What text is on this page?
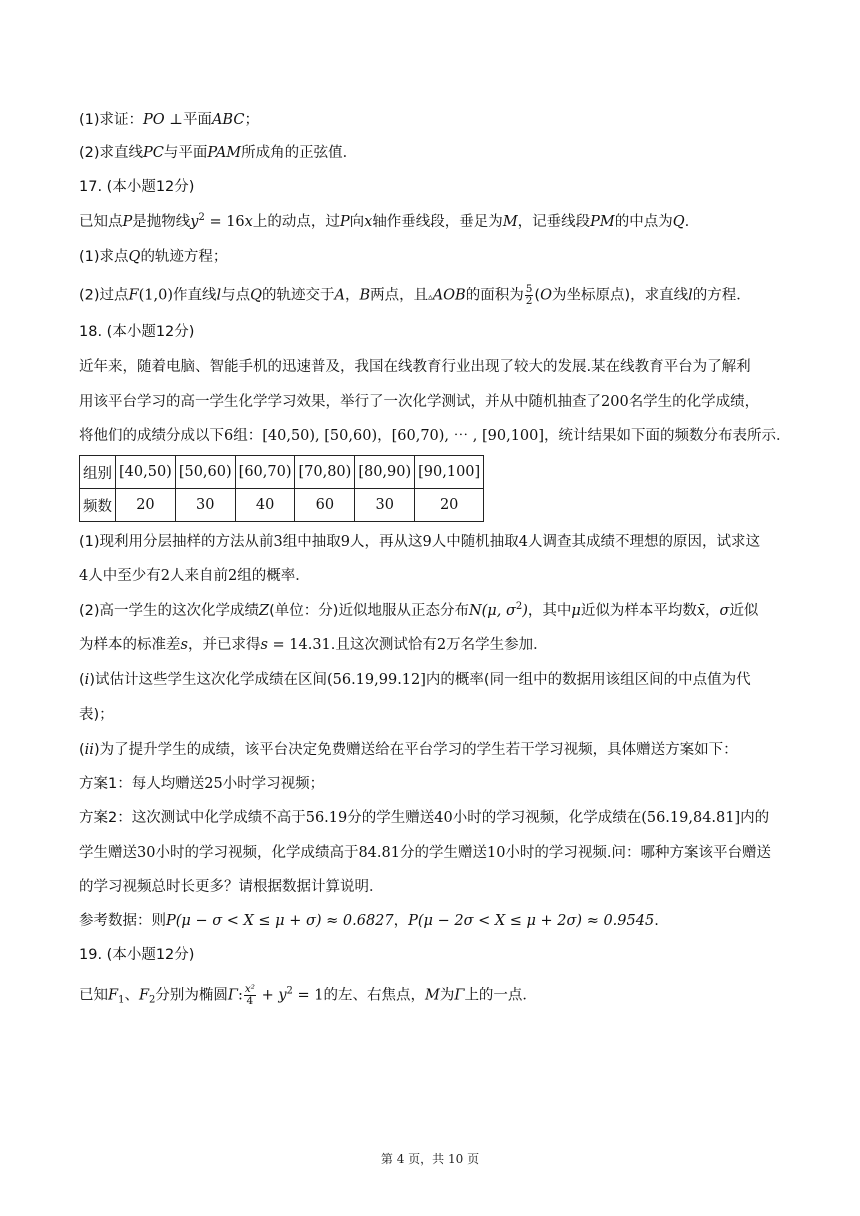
(1)求证：PO ⊥平面ABC；
(2)求直线PC与平面PAM所成角的正弦值．
17. (本小题12分)
已知点P是抛物线$y^2 = 16x$上的动点，过P向x轴作垂线段，垂足为M，记垂线段PM的中点为Q.
(1)求点Q的轨迹方程；
(2)过点F(1,0)作直线l与点Q的轨迹交于A，B两点，且▵AOB的面积为 $\frac{5}{2} (O$为坐标原点)，求直线l的方程．
18. (本小题12分)
近年来，随着电脑、智能手机的迅速普及，我国在线教育行业出现了较大的发展.某在线教育平台为了解利
用该平台学习的高一学生化学学习效果，举行了一次化学测试，并从中随机抽查了200名学生的化学成绩，
将他们的成绩分成以下6组：[40,50), [50,60)，[60,70), ⋯ , [90,100]，统计结果如下面的频数分布表所示．
组别	[40,50)	[50,60)	[60,70)	[70,80)	[80,90)	[90,100]
频数	20	30	40	60	30	20
(1)现利用分层抽样的方法从前3组中抽取9人，再从这9人中随机抽取4人调查其成绩不理想的原因，试求这
4人中至少有2人来自前2组的概率．
(2)高一学生的这次化学成绩Z(单位：分)近似地服从正态分布N(μ, $\sigma^2$)，其中μ近似为样本平均数x̄，σ近似
为样本的标准差s，并已求得s = 14.31.且这次测试恰有2万名学生参加．
(i)试估计这些学生这次化学成绩在区间(56.19,99.12]内的概率(同一组中的数据用该组区间的中点值为代
表)；
(ii)为了提升学生的成绩，该平台决定免费赠送给在平台学习的学生若干学习视频，具体赠送方案如下：
方案1：每人均赠送25小时学习视频；
方案2：这次测试中化学成绩不高于56.19分的学生赠送40小时的学习视频，化学成绩在(56.19,84.81]内的
学生赠送30小时的学习视频，化学成绩高于84.81分的学生赠送10小时的学习视频.问：哪种方案该平台赠送
的学习视频总时长更多？请根据数据计算说明．
参考数据：则P(μ − σ < X ≤ μ + σ) ≈ 0.6827，P(μ − 2σ < X ≤ μ + 2σ) ≈ 0.9545.
19. (本小题12分)
已知$F_1$、$F_2$分别为椭圆Γ: $\frac{\text{x²}}{4} + y^2 = 1$的左、右焦点，M为Γ上的一点．
第 4 页，共 10 页
